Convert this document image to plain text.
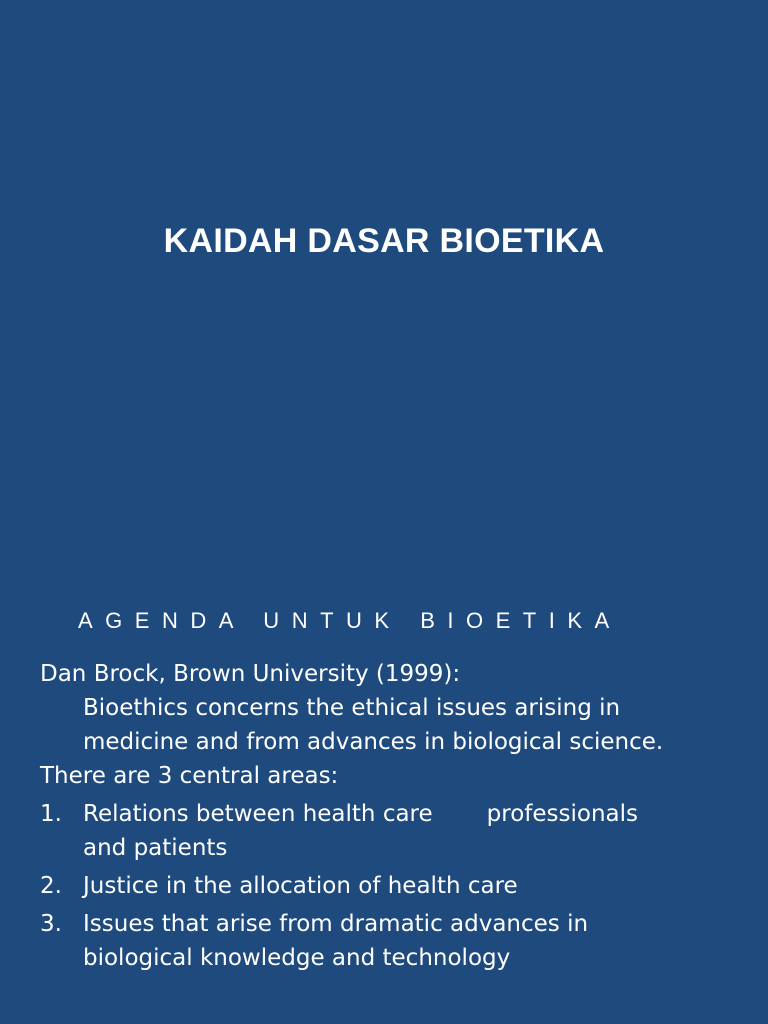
KAIDAH DASAR BIOETIKA
AGENDA UNTUK BIOETIKA
Dan Brock, Brown University (1999):
Bioethics concerns the ethical issues arising in
medicine and from advances in biological science.
There are 3 central areas:
1. Relations between health care professionals
and patients
2. Justice in the allocation of health care
3. Issues that arise from dramatic advances in
biological knowledge and technology
